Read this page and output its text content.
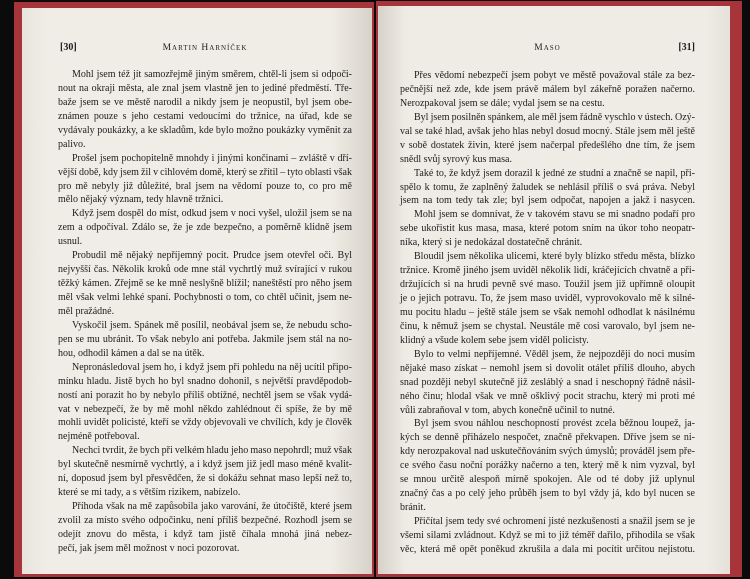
[30]	Martin Harníček
Mohl jsem též jít samozřejmě jiným směrem, chtěl-li jsem si odpoči-
nout na okraji města, ale znal jsem vlastně jen to jediné předměstí. Tře-
baže jsem se ve městě narodil a nikdy jsem je neopustil, byl jsem obe-
známen pouze s jeho cestami vedoucími do tržnice, na úřad, kde se
vydávaly poukázky, a ke skladům, kde bylo možno poukázky vyměnit za
palivo.
Prošel jsem pochopitelně mnohdy i jinými končinami – zvláště v dří-
vější době, kdy jsem žil v cihlovém domě, který se zřítil – tyto oblasti však
pro mě nebyly již důležité, bral jsem na vědomí pouze to, co pro mě
mělo nějaký význam, tedy hlavně tržnici.
Když jsem dospěl do míst, odkud jsem v noci vyšel, uložil jsem se na
zem a odpočíval. Zdálo se, že je zde bezpečno, a poměrně klidně jsem
usnul.
Probudil mě nějaký nepříjemný pocit. Prudce jsem otevřel oči. Byl
nejvyšší čas. Několik kroků ode mne stál vychrtlý muž svírající v rukou
těžký kámen. Zřejmě se ke mně neslyšně blížil; naneštěstí pro něho jsem
měl však velmi lehké spaní. Pochybnosti o tom, co chtěl učinit, jsem ne-
měl pražádné.
Vyskočil jsem. Spánek mě posílil, neobával jsem se, že nebudu scho-
pen se mu ubránit. To však nebylo ani potřeba. Jakmile jsem stál na no-
hou, odhodil kámen a dal se na útěk.
Nepronásledoval jsem ho, i když jsem při pohledu na něj ucítil připo-
mínku hladu. Jistě bych ho byl snadno dohonil, s největší pravděpodob-
ností ani porazit ho by nebylo příliš obtížné, nechtěl jsem se však vydá-
vat v nebezpečí, že by mě mohl někdo zahlédnout či spíše, že by mě
mohli uvidět policisté, kteří se vždy objevovali ve chvílích, kdy je člověk
nejméně potřeboval.
Nechci tvrdit, že bych při velkém hladu jeho maso nepohrdl; muž však
byl skutečně nesmírně vychrtlý, a i když jsem již jedl maso méně kvalit-
ní, doposud jsem byl přesvědčen, že si dokážu sehnat maso lepší než to,
které se mi tady, a s větším rizikem, nabízelo.
Příhoda však na mě zapůsobila jako varování, že útočiště, které jsem
zvolil za místo svého odpočinku, není příliš bezpečné. Rozhodl jsem se
odejít znovu do města, i když tam jistě číhala mnohá jiná nebez-
pečí, jak jsem měl možnost v noci pozorovat.
Maso	[31]
Přes vědomí nebezpečí jsem pobyt ve městě považoval stále za bez-
pečnější než zde, kde jsem právě málem byl zákeřně poražen načerno.
Nerozpakoval jsem se dále; vydal jsem se na cestu.
Byl jsem posilněn spánkem, ale měl jsem řádně vyschlo v ústech. Ozý-
val se také hlad, avšak jeho hlas nebyl dosud mocný. Stále jsem měl ještě
v sobě dostatek živin, které jsem načerpal předešlého dne tím, že jsem
snědl svůj syrový kus masa.
Také to, že když jsem dorazil k jedné ze studní a značně se napil, při-
spělo k tomu, že zaplněný žaludek se nehlásil příliš o svá práva. Nebyl
jsem na tom tedy tak zle; byl jsem odpočat, napojen a jakž i nasycen.
Mohl jsem se domnívat, že v takovém stavu se mi snadno podaří pro
sebe ukořistit kus masa, masa, které potom sním na úkor toho neopatr-
níka, který si je nedokázal dostatečně chránit.
Bloudil jsem několika ulicemi, které byly blízko středu města, blízko
tržnice. Kromě jiného jsem uviděl několik lidí, kráčejících chvatně a při-
držujících si na hrudi pevně své maso. Toužil jsem již upřímně oloupit
je o jejich potravu. To, že jsem maso uviděl, vyprovokovalo mě k silné-
mu pocitu hladu – ještě stále jsem se však nemohl odhodlat k násilnému
činu, k němuž jsem se chystal. Neustále mě cosi varovalo, byl jsem ne-
klidný a všude kolem sebe jsem viděl policisty.
Bylo to velmi nepříjemné. Věděl jsem, že nejpozději do noci musím
nějaké maso získat – nemohl jsem si dovolit otálet příliš dlouho, abych
snad později nebyl skutečně již zesláblý a snad i neschopný řádně násil-
ného činu; hlodal však ve mně ošklivý pocit strachu, který mi proti mé
vůli zabraňoval v tom, abych konečně učinil to nutné.
Byl jsem svou náhlou neschopností provést zcela běžnou loupež, ja-
kých se denně přiházelo nespočet, značně překvapen. Dříve jsem se ni-
kdy nerozpakoval nad uskutečňováním svých úmyslů; prováděl jsem pře-
ce svého času noční porážky načerno a ten, který mě k nim vyzval, byl
se mnou určitě alespoň mírně spokojen. Ale od té doby již uplynul
značný čas a po celý jeho průběh jsem to byl vždy já, kdo byl nucen se
bránit.
Přičítal jsem tedy své ochromení jisté nezkušenosti a snažil jsem se je
všemi silami zvládnout. Když se mi to již téměř dařilo, přihodila se však
věc, která mě opět poněkud zkrušila a dala mi pocítit určitou nejistotu.
